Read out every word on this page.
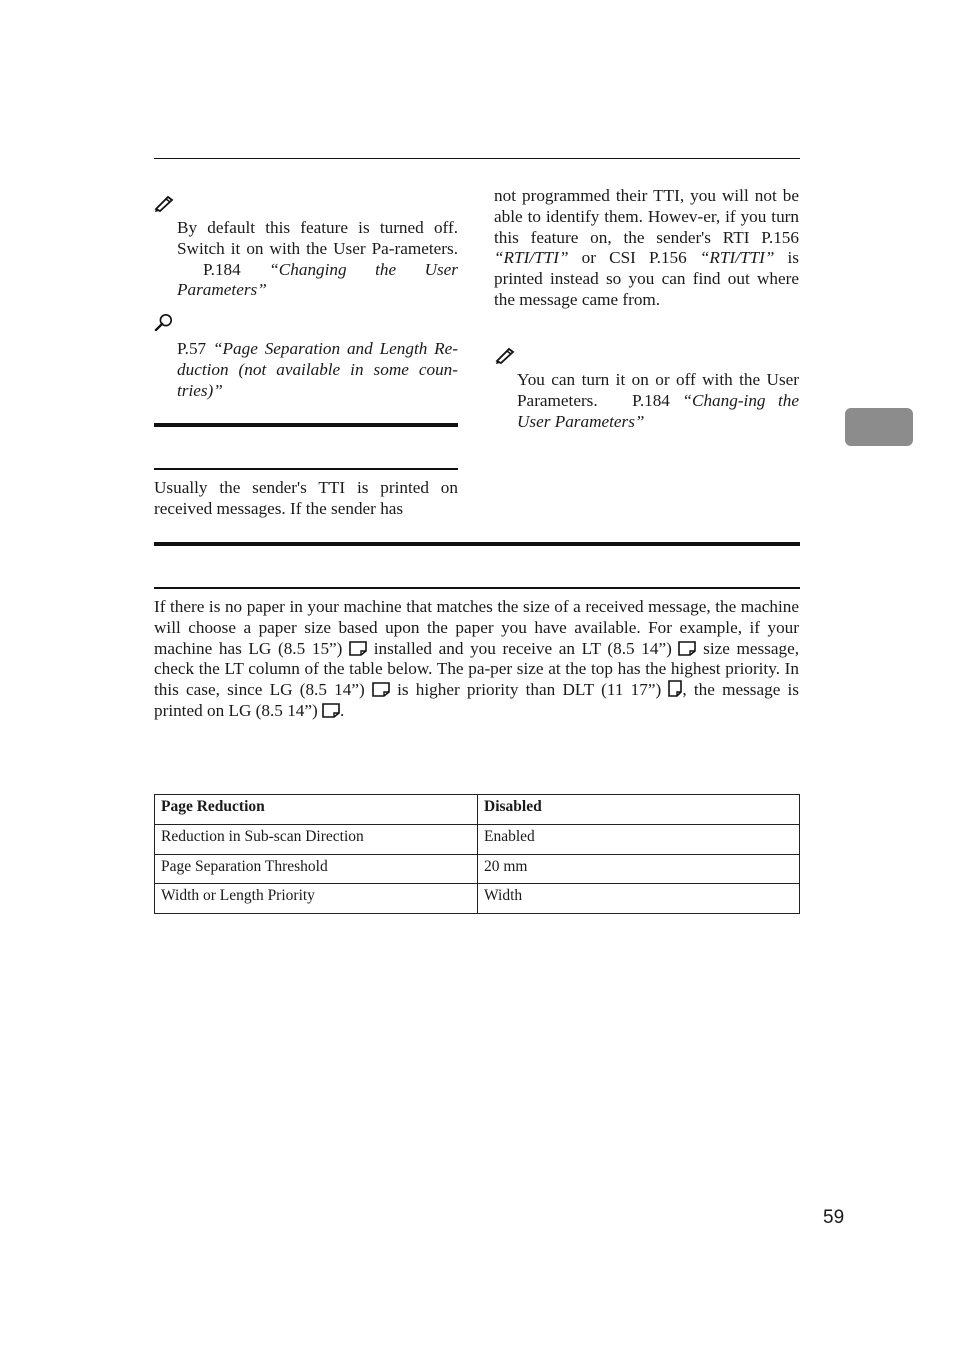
By default this feature is turned off. Switch it on with the User Pa-rameters. P.184 “Changing the User Parameters”
P.57 “Page Separation and Length Re-duction (not available in some coun-tries)”
Usually the sender's TTI is printed on received messages. If the sender has
not programmed their TTI, you will not be able to identify them. Howev-er, if you turn this feature on, the sender's RTI P.156 “RTI/TTI” or CSI P.156 “RTI/TTI” is printed instead so you can find out where the message came from.
You can turn it on or off with the User Parameters. P.184 “Chang-ing the User Parameters”
If there is no paper in your machine that matches the size of a received message, the machine will choose a paper size based upon the paper you have available. For example, if your machine has LG (8.5 15”) installed and you receive an LT (8.5 14”) size message, check the LT column of the table below. The pa-per size at the top has the highest priority. In this case, since LG (8.5 14”) is higher priority than DLT (11 17”) , the message is printed on LG (8.5 14”) .
Page Reduction	Disabled
Reduction in Sub-scan Direction	Enabled
Page Separation Threshold	20 mm
Width or Length Priority	Width
59
